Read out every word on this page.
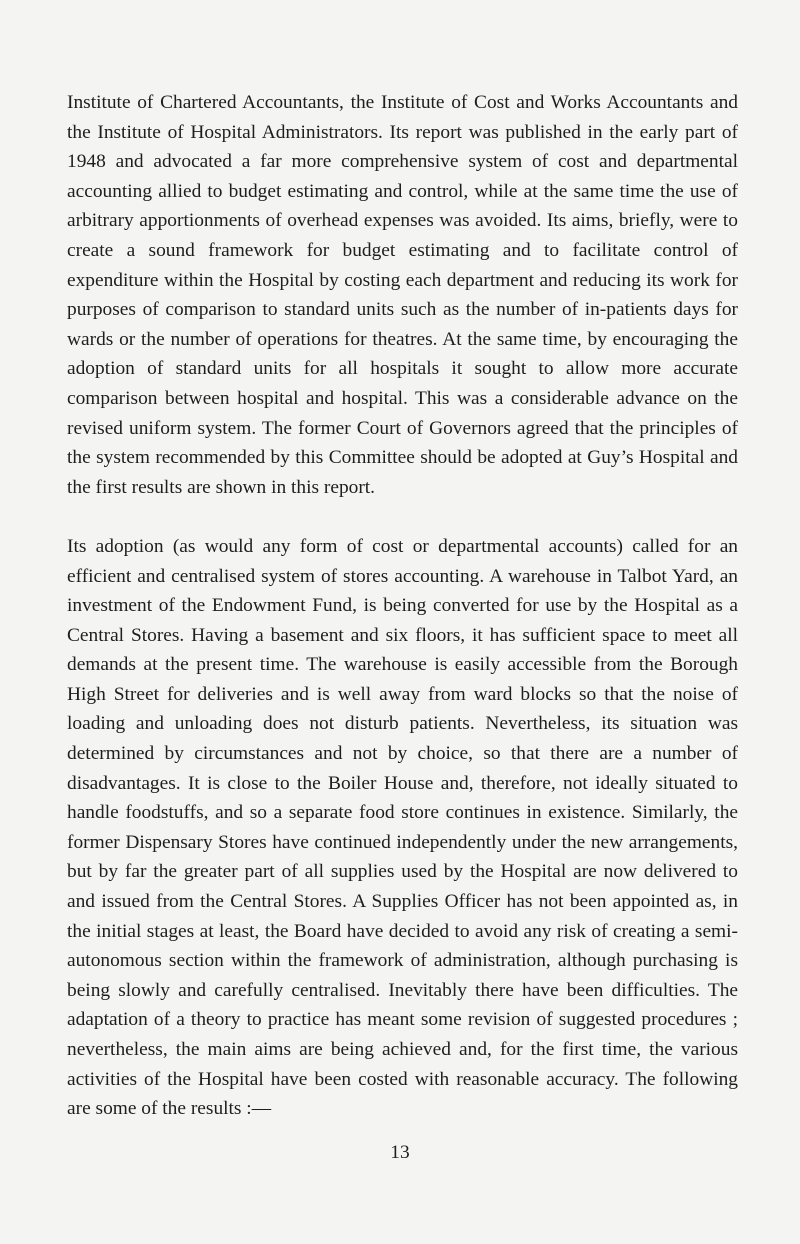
Institute of Chartered Accountants, the Institute of Cost and Works Accountants and the Institute of Hospital Administrators. Its report was published in the early part of 1948 and advocated a far more comprehensive system of cost and departmental accounting allied to budget estimating and control, while at the same time the use of arbitrary apportionments of overhead expenses was avoided. Its aims, briefly, were to create a sound framework for budget estimating and to facilitate control of expenditure within the Hospital by costing each department and reducing its work for purposes of comparison to standard units such as the number of in-patients days for wards or the number of operations for theatres. At the same time, by encouraging the adoption of standard units for all hospitals it sought to allow more accurate comparison between hospital and hospital. This was a considerable advance on the revised uniform system. The former Court of Governors agreed that the principles of the system recommended by this Committee should be adopted at Guy’s Hospital and the first results are shown in this report.

Its adoption (as would any form of cost or departmental accounts) called for an efficient and centralised system of stores accounting. A warehouse in Talbot Yard, an investment of the Endowment Fund, is being converted for use by the Hospital as a Central Stores. Having a basement and six floors, it has sufficient space to meet all demands at the present time. The warehouse is easily accessible from the Borough High Street for deliveries and is well away from ward blocks so that the noise of loading and unloading does not disturb patients. Nevertheless, its situation was determined by circumstances and not by choice, so that there are a number of disadvantages. It is close to the Boiler House and, therefore, not ideally situated to handle foodstuffs, and so a separate food store continues in existence. Similarly, the former Dispensary Stores have continued independently under the new arrangements, but by far the greater part of all supplies used by the Hospital are now delivered to and issued from the Central Stores. A Supplies Officer has not been appointed as, in the initial stages at least, the Board have decided to avoid any risk of creating a semi-autonomous section within the framework of administration, although purchasing is being slowly and carefully centralised. Inevitably there have been difficulties. The adaptation of a theory to practice has meant some revision of suggested procedures ; nevertheless, the main aims are being achieved and, for the first time, the various activities of the Hospital have been costed with reasonable accuracy. The following are some of the results :—

13
